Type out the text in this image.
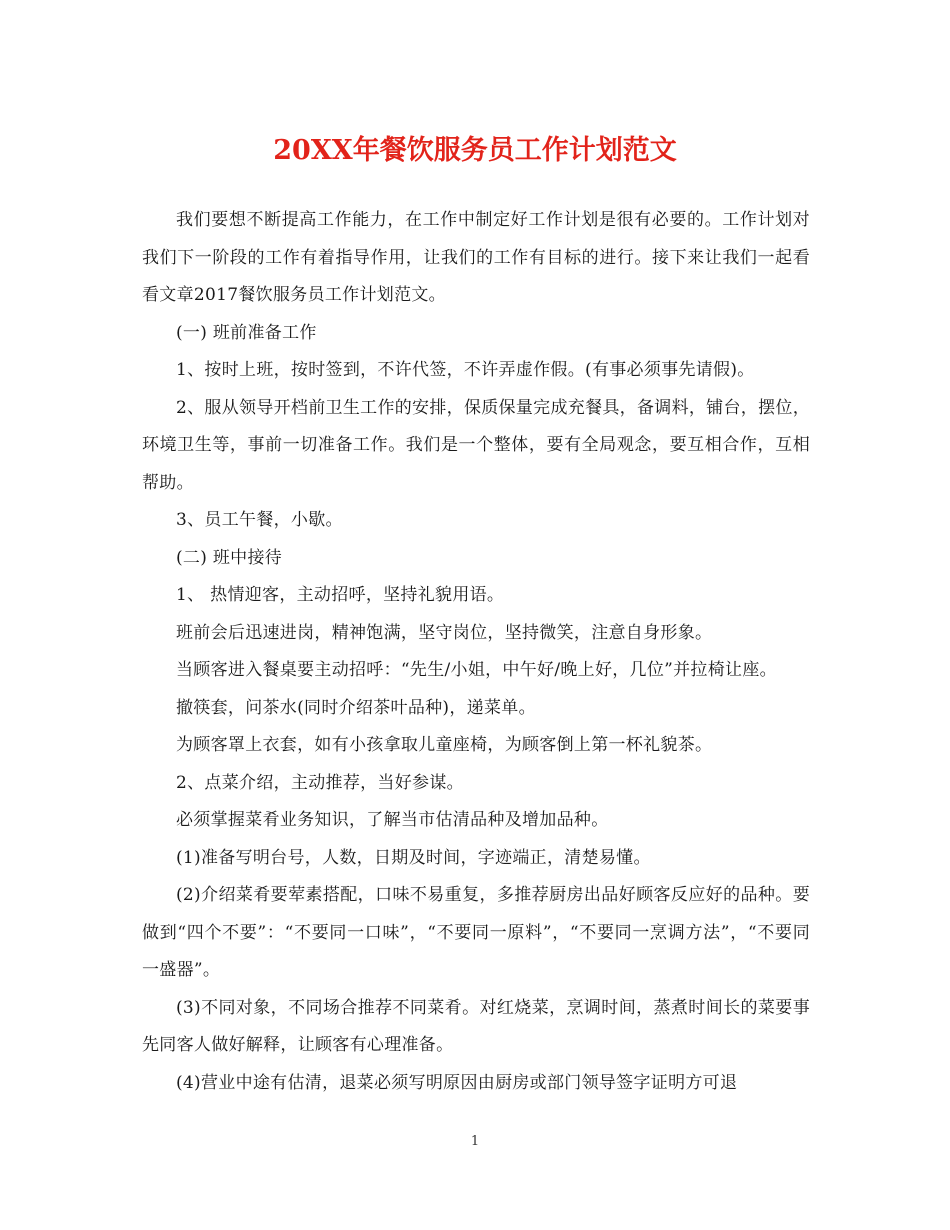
20XX年餐饮服务员工作计划范文

我们要想不断提高工作能力，在工作中制定好工作计划是很有必要的。工作计划对我们下一阶段的工作有着指导作用，让我们的工作有目标的进行。接下来让我们一起看看文章2017餐饮服务员工作计划范文。

(一) 班前准备工作

1、按时上班，按时签到，不许代签，不许弄虚作假。(有事必须事先请假)。

2、服从领导开档前卫生工作的安排，保质保量完成充餐具，备调料，铺台，摆位，环境卫生等，事前一切准备工作。我们是一个整体，要有全局观念，要互相合作，互相帮助。

3、员工午餐，小歇。

(二) 班中接待

1、 热情迎客，主动招呼，坚持礼貌用语。

班前会后迅速进岗，精神饱满，坚守岗位，坚持微笑，注意自身形象。

当顾客进入餐桌要主动招呼：“先生/小姐，中午好/晚上好，几位”并拉椅让座。

撤筷套，问茶水(同时介绍茶叶品种)，递菜单。

为顾客罩上衣套，如有小孩拿取儿童座椅，为顾客倒上第一杯礼貌茶。

2、点菜介绍，主动推荐，当好参谋。

必须掌握菜肴业务知识，了解当市估清品种及增加品种。

(1)准备写明台号，人数，日期及时间，字迹端正，清楚易懂。

(2)介绍菜肴要荤素搭配，口味不易重复，多推荐厨房出品好顾客反应好的品种。要做到“四个不要”：“不要同一口味”，“不要同一原料”，“不要同一烹调方法”，“不要同一盛器”。

(3)不同对象，不同场合推荐不同菜肴。对红烧菜，烹调时间，蒸煮时间长的菜要事先同客人做好解释，让顾客有心理准备。

(4)营业中途有估清，退菜必须写明原因由厨房或部门领导签字证明方可退

1
